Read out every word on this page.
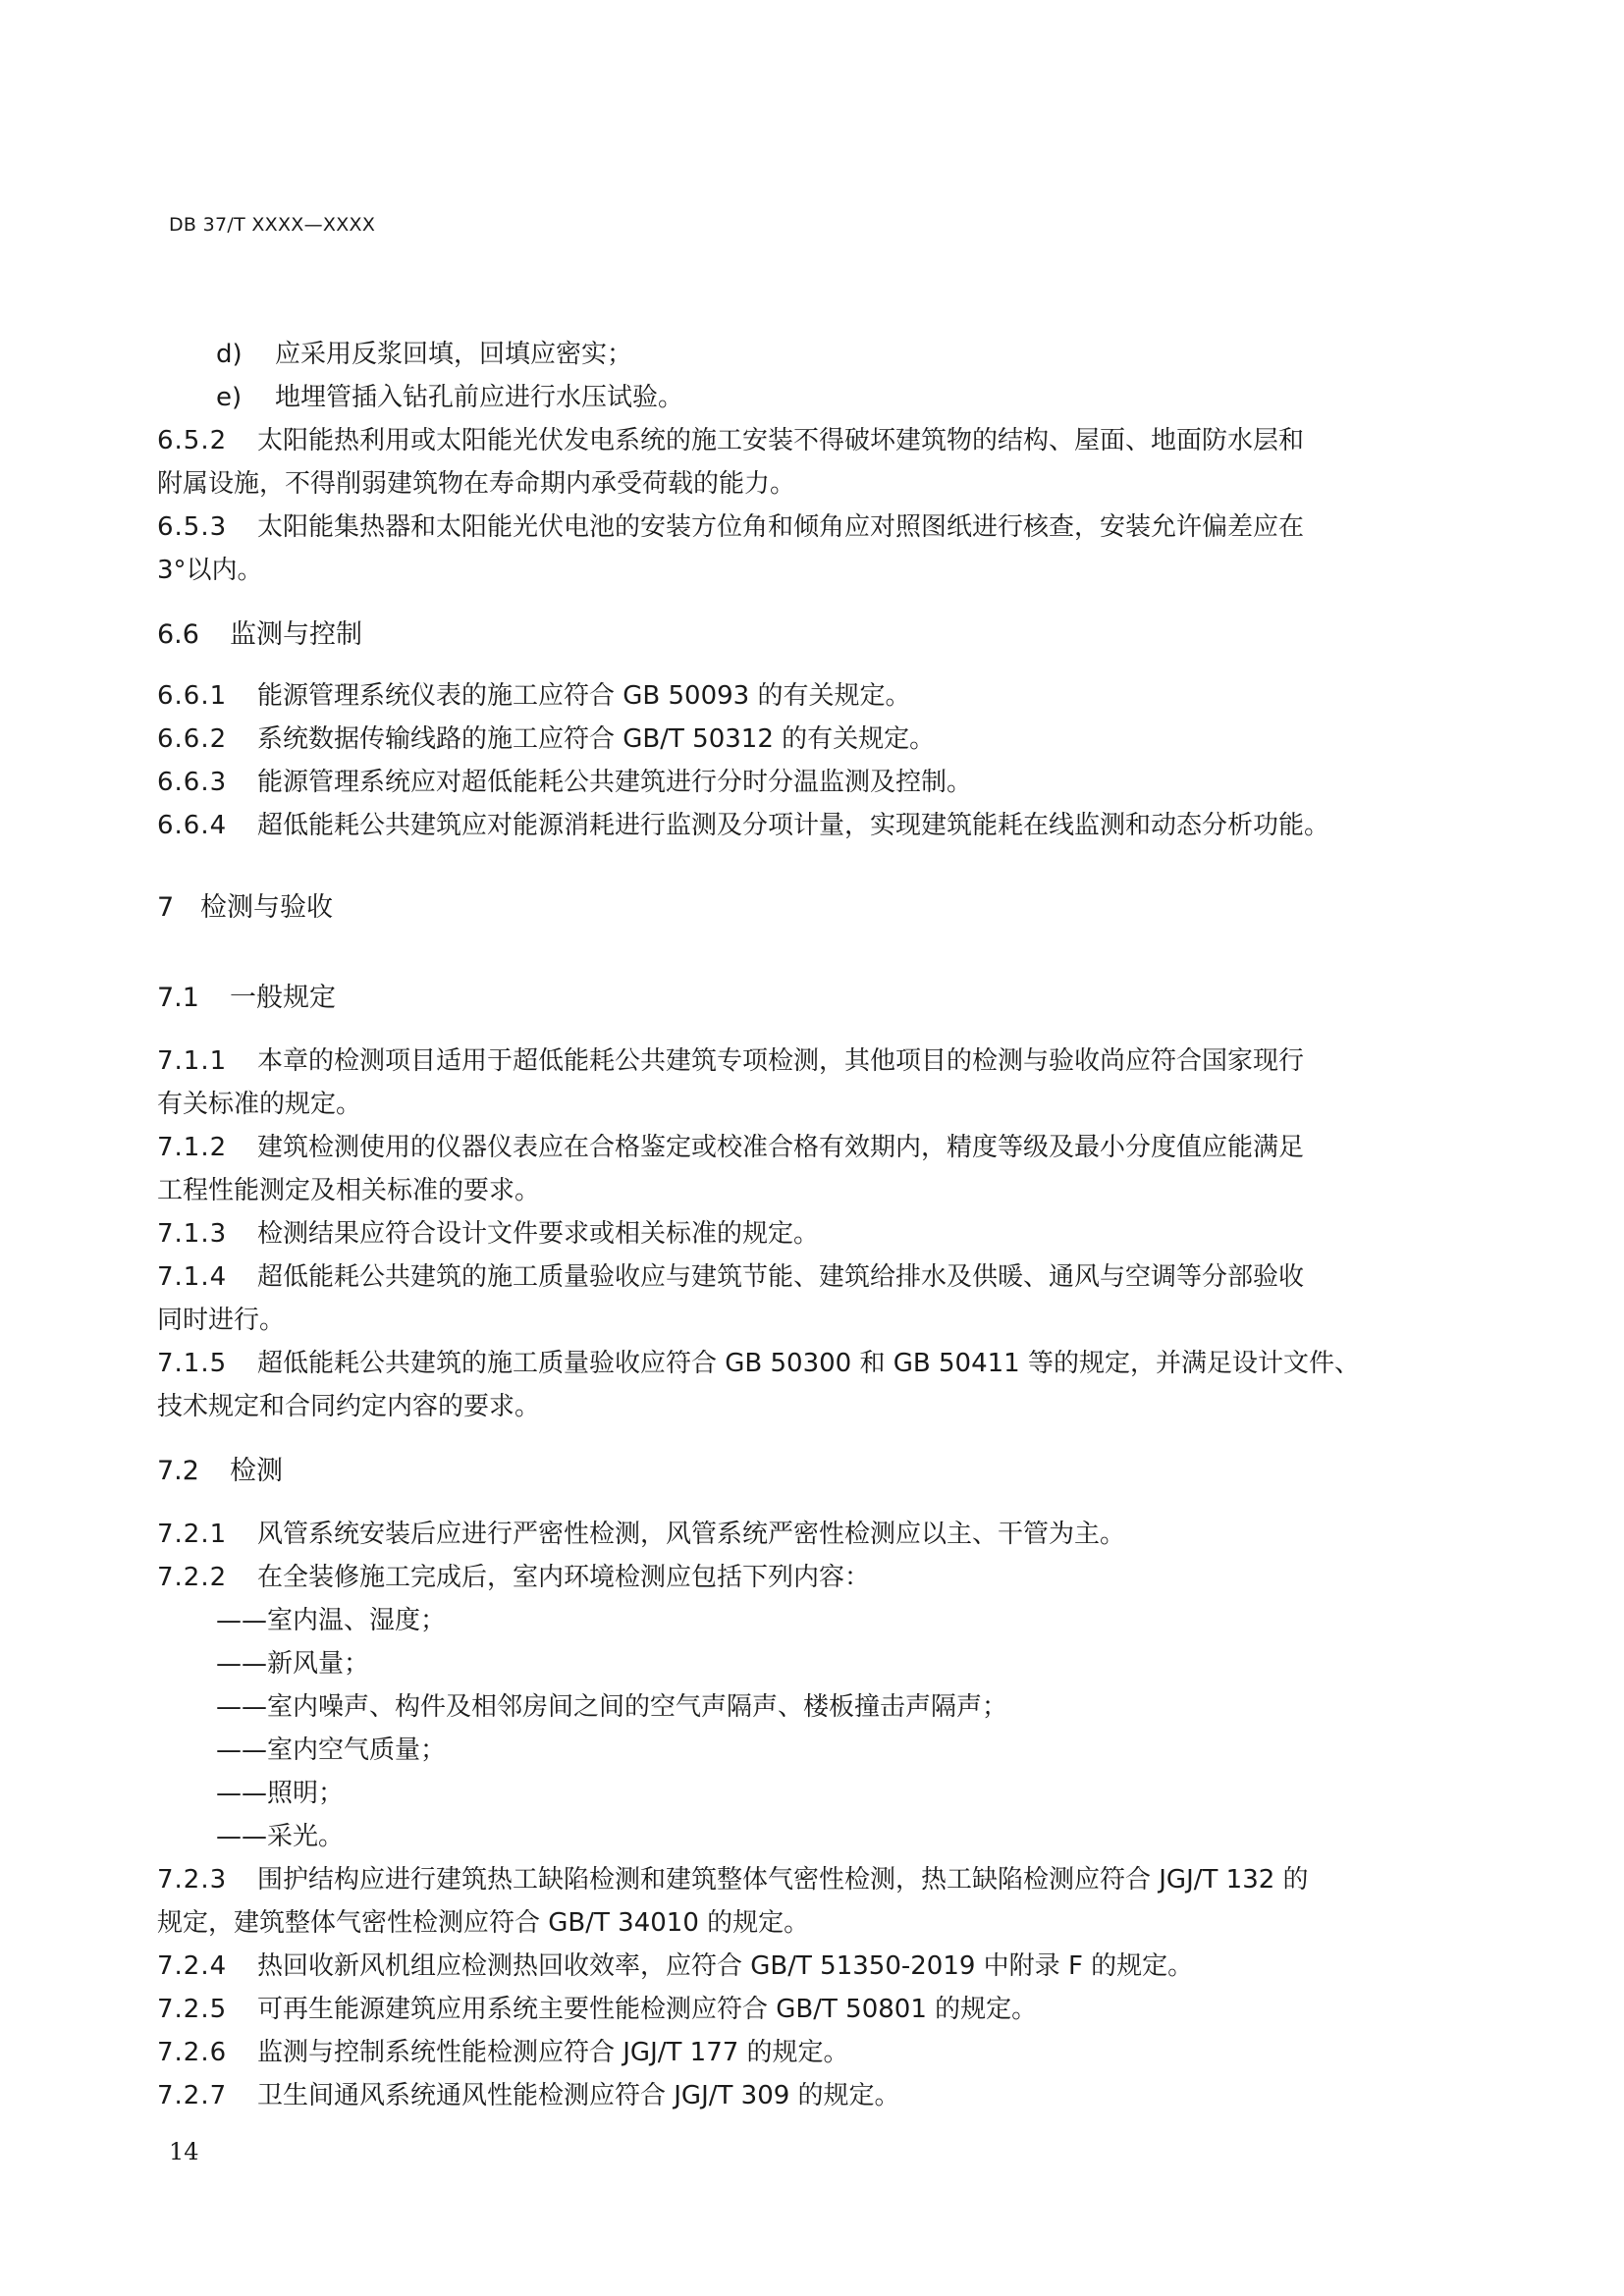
DB 37/T XXXX—XXXX
d) 应采用反浆回填，回填应密实；
e) 地埋管插入钻孔前应进行水压试验。
6.5.2 太阳能热利用或太阳能光伏发电系统的施工安装不得破坏建筑物的结构、屋面、地面防水层和
附属设施，不得削弱建筑物在寿命期内承受荷载的能力。
6.5.3 太阳能集热器和太阳能光伏电池的安装方位角和倾角应对照图纸进行核查，安装允许偏差应在
3°以内。
6.6 监测与控制
6.6.1 能源管理系统仪表的施工应符合 GB 50093 的有关规定。
6.6.2 系统数据传输线路的施工应符合 GB/T 50312 的有关规定。
6.6.3 能源管理系统应对超低能耗公共建筑进行分时分温监测及控制。
6.6.4 超低能耗公共建筑应对能源消耗进行监测及分项计量，实现建筑能耗在线监测和动态分析功能。
7 检测与验收
7.1 一般规定
7.1.1 本章的检测项目适用于超低能耗公共建筑专项检测，其他项目的检测与验收尚应符合国家现行
有关标准的规定。
7.1.2 建筑检测使用的仪器仪表应在合格鉴定或校准合格有效期内，精度等级及最小分度值应能满足
工程性能测定及相关标准的要求。
7.1.3 检测结果应符合设计文件要求或相关标准的规定。
7.1.4 超低能耗公共建筑的施工质量验收应与建筑节能、建筑给排水及供暖、通风与空调等分部验收
同时进行。
7.1.5 超低能耗公共建筑的施工质量验收应符合 GB 50300 和 GB 50411 等的规定，并满足设计文件、
技术规定和合同约定内容的要求。
7.2 检测
7.2.1 风管系统安装后应进行严密性检测，风管系统严密性检测应以主、干管为主。
7.2.2 在全装修施工完成后，室内环境检测应包括下列内容：
——室内温、湿度；
——新风量；
——室内噪声、构件及相邻房间之间的空气声隔声、楼板撞击声隔声；
——室内空气质量；
——照明；
——采光。
7.2.3 围护结构应进行建筑热工缺陷检测和建筑整体气密性检测，热工缺陷检测应符合 JGJ/T 132 的
规定，建筑整体气密性检测应符合 GB/T 34010 的规定。
7.2.4 热回收新风机组应检测热回收效率，应符合 GB/T 51350-2019 中附录 F 的规定。
7.2.5 可再生能源建筑应用系统主要性能检测应符合 GB/T 50801 的规定。
7.2.6 监测与控制系统性能检测应符合 JGJ/T 177 的规定。
7.2.7 卫生间通风系统通风性能检测应符合 JGJ/T 309 的规定。
14
